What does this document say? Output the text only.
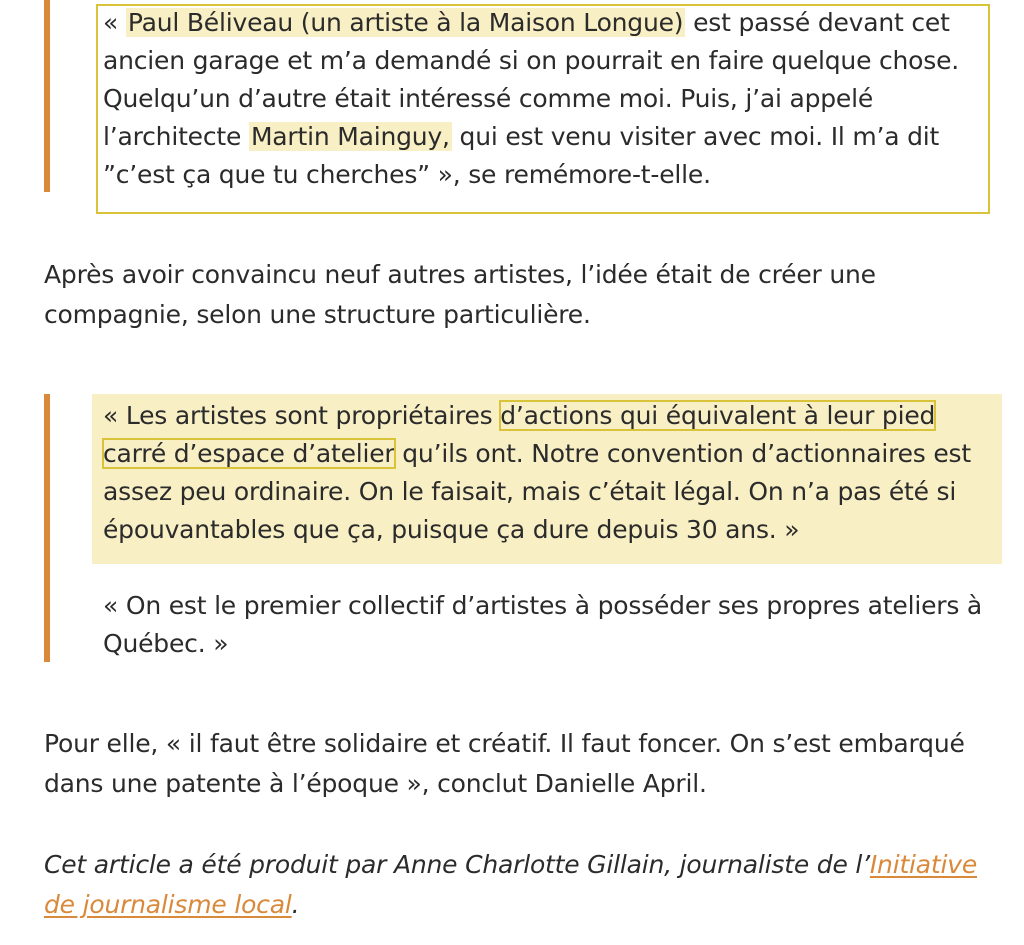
« Paul Béliveau (un artiste à la Maison Longue) est passé devant cet ancien garage et m’a demandé si on pourrait en faire quelque chose. Quelqu’un d’autre était intéressé comme moi. Puis, j’ai appelé l’architecte Martin Mainguy, qui est venu visiter avec moi. Il m’a dit ”c’est ça que tu cherches” », se remémore-t-elle.
Après avoir convaincu neuf autres artistes, l’idée était de créer une compagnie, selon une structure particulière.
« Les artistes sont propriétaires d’actions qui équivalent à leur pied carré d’espace d’atelier qu’ils ont. Notre convention d’actionnaires est assez peu ordinaire. On le faisait, mais c’était légal. On n’a pas été si épouvantables que ça, puisque ça dure depuis 30 ans. »
« On est le premier collectif d’artistes à posséder ses propres ateliers à Québec. »
Pour elle, « il faut être solidaire et créatif. Il faut foncer. On s’est embarqué dans une patente à l’époque », conclut Danielle April.
Cet article a été produit par Anne Charlotte Gillain, journaliste de l’Initiative de journalisme local.
